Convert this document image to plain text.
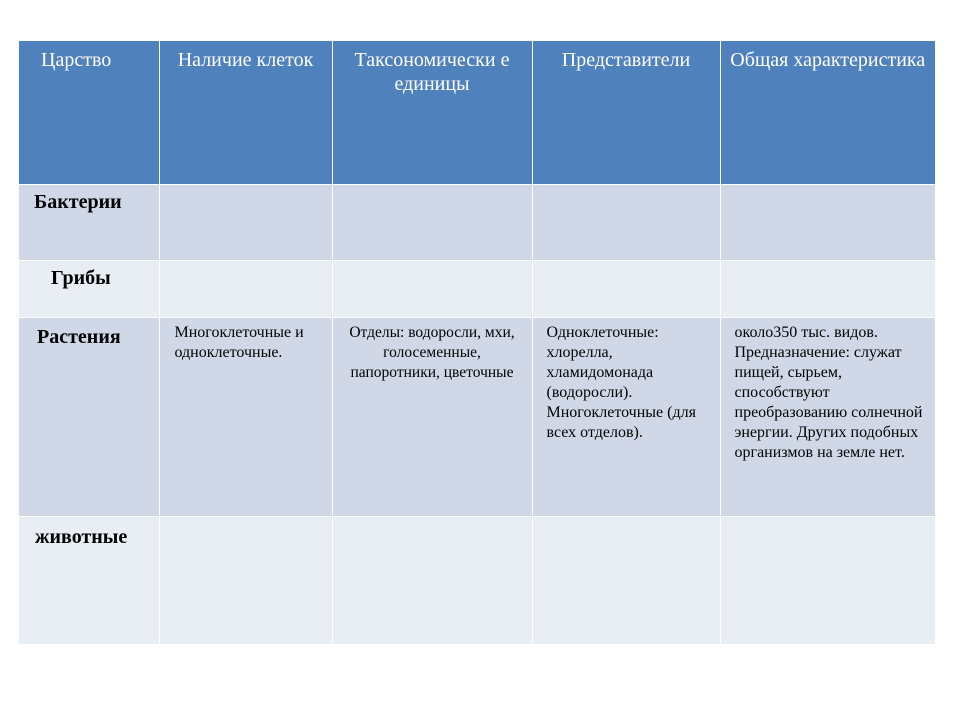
Царство	Наличие клеток	Таксономически е единицы	Представители	Общая характеристика
Бактерии				
Грибы				
Растения	Многоклеточные и одноклеточные.	Отделы: водоросли, мхи, голосеменные, папоротники, цветочные	Одноклеточные: хлорелла, хламидомонада (водоросли). Многоклеточные (для всех отделов).	около350 тыс. видов. Предназначение: служат пищей, сырьем, способствуют преобразованию солнечной энергии. Других подобных организмов на земле нет.
животные				
